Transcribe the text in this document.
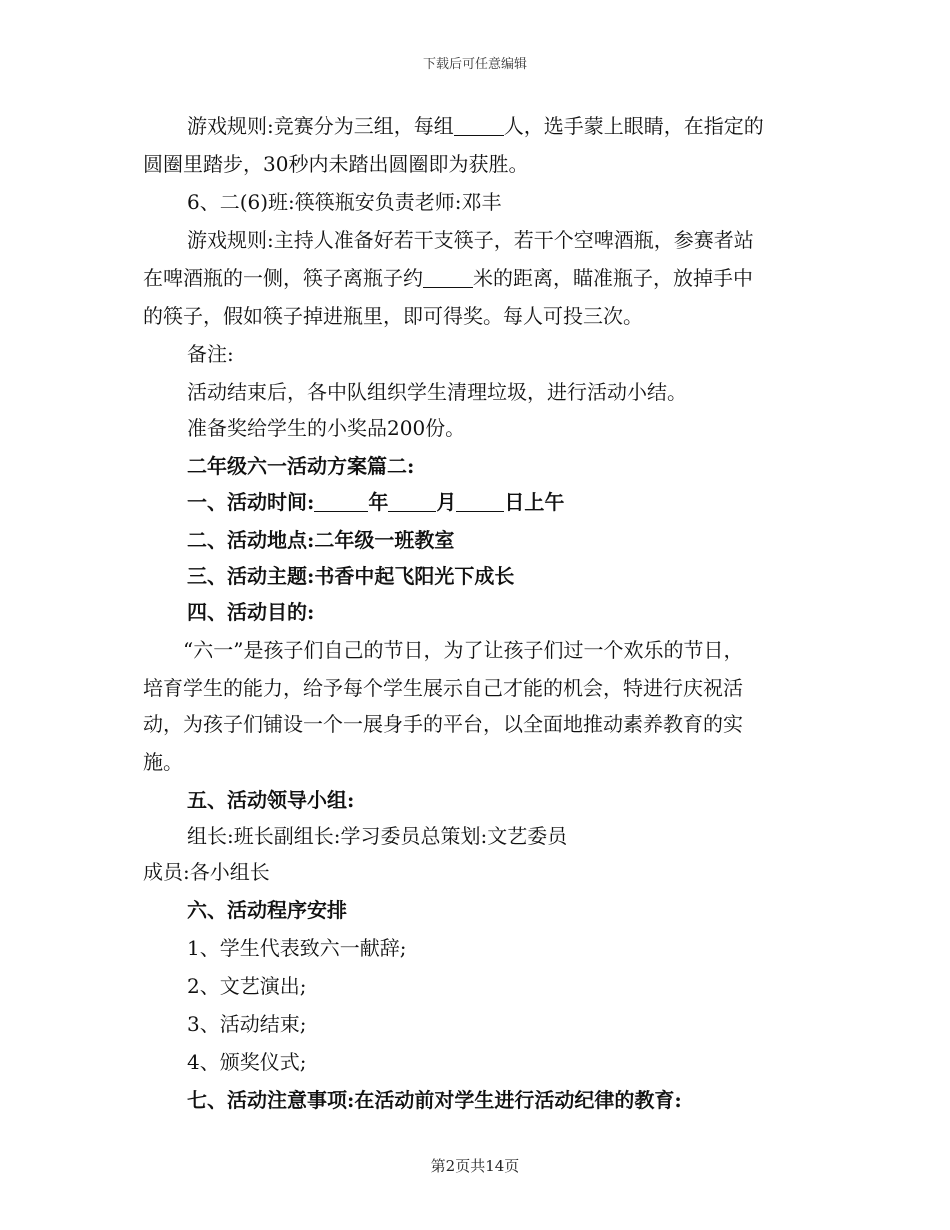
下载后可任意编辑

游戏规则:竞赛分为三组，每组	人，选手蒙上眼睛，在指定的

圆圈里踏步，30秒内未踏出圆圈即为获胜。

6、二(6)班:筷筷瓶安负责老师:邓丰

游戏规则:主持人准备好若干支筷子，若干个空啤酒瓶，参赛者站

在啤酒瓶的一侧，筷子离瓶子约	米的距离，瞄准瓶子，放掉手中

的筷子，假如筷子掉进瓶里，即可得奖。每人可投三次。

备注:

活动结束后，各中队组织学生清理垃圾，进行活动小结。

准备奖给学生的小奖品200份。

二年级六一活动方案篇二:

一、活动时间:	年 月 日上午

二、活动地点:二年级一班教室

三、活动主题:书香中起飞阳光下成长

四、活动目的:

“六一”是孩子们自己的节日，为了让孩子们过一个欢乐的节日，

培育学生的能力，给予每个学生展示自己才能的机会，特进行庆祝活

动，为孩子们铺设一个一展身手的平台，以全面地推动素养教育的实

施。

五、活动领导小组:

组长:班长副组长:学习委员总策划:文艺委员

成员:各小组长

六、活动程序安排

1、学生代表致六一献辞;

2、文艺演出;

3、活动结束;

4、颁奖仪式;

七、活动注意事项:在活动前对学生进行活动纪律的教育:

第2页共14页
